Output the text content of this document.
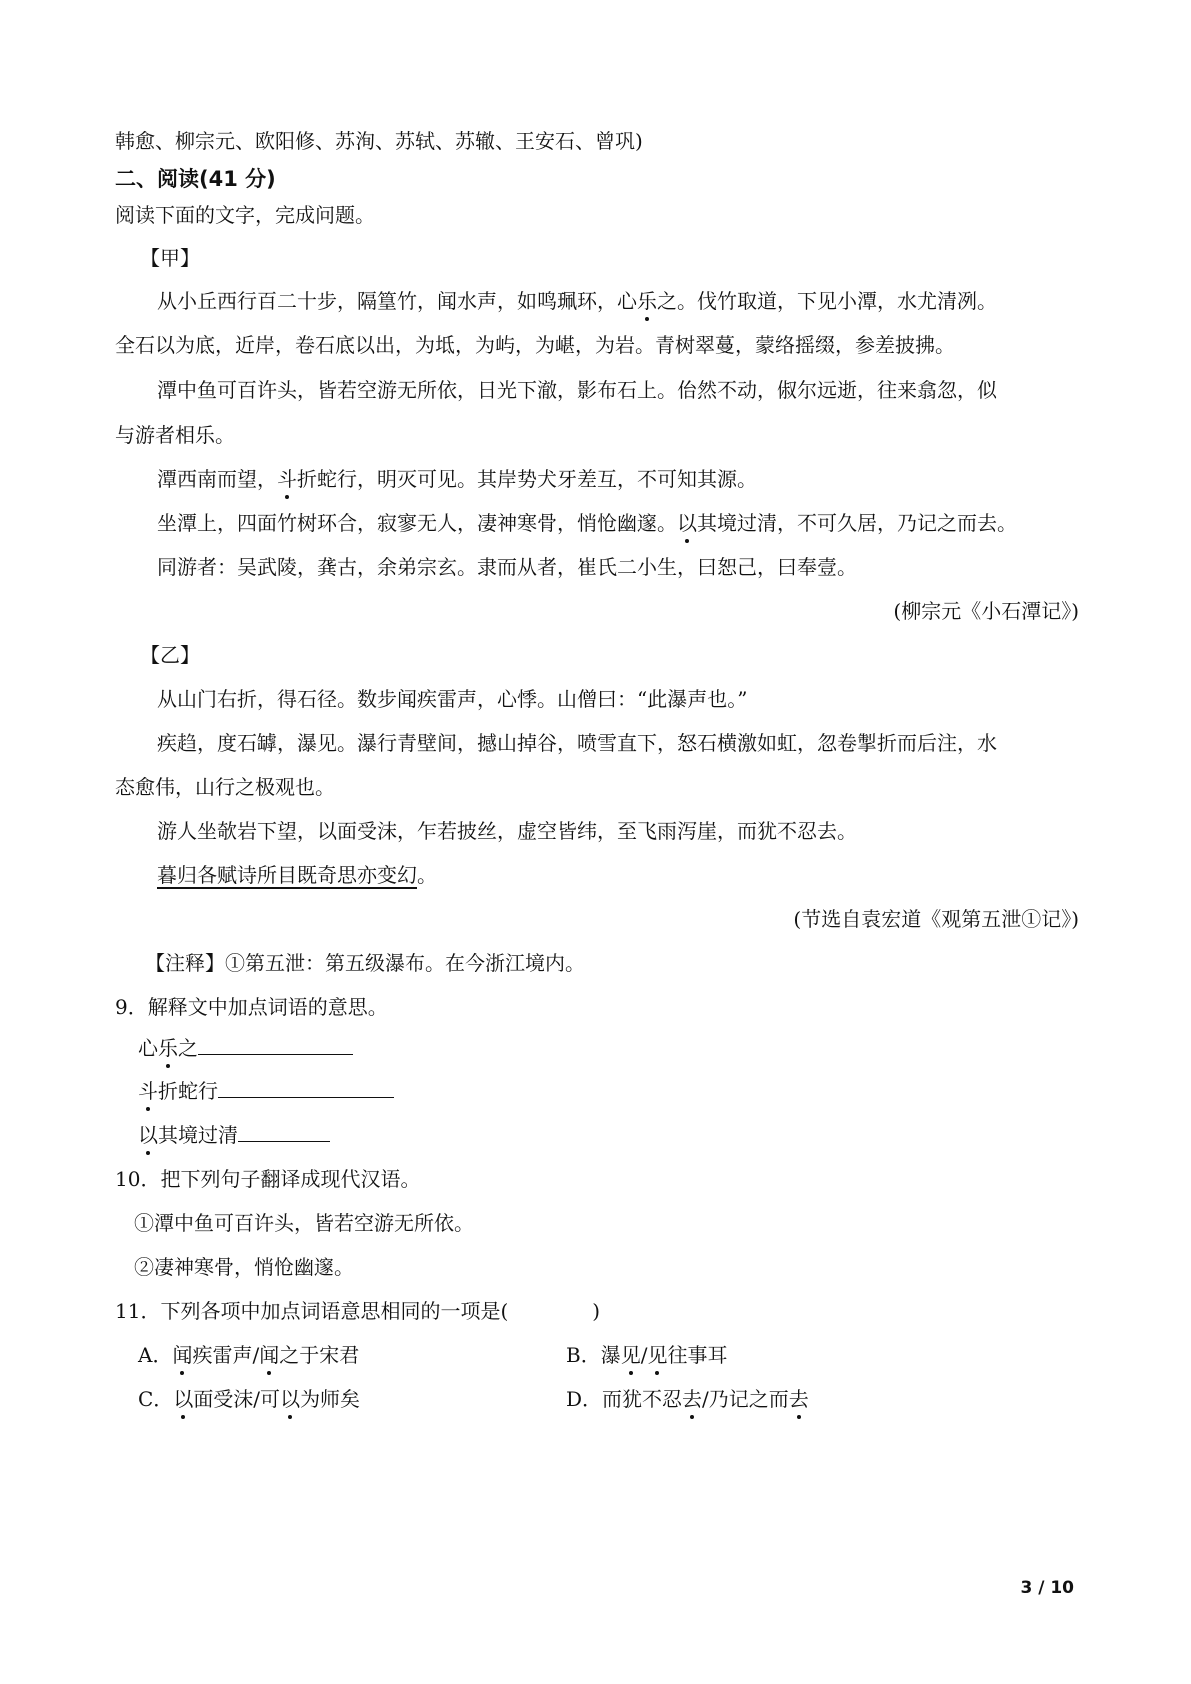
韩愈、柳宗元、欧阳修、苏洵、苏轼、苏辙、王安石、曾巩)
二、阅读(41 分)
阅读下面的文字，完成问题。
【甲】
从小丘西行百二十步，隔篁竹，闻水声，如鸣珮环，心乐之。伐竹取道，下见小潭，水尤清冽。
全石以为底，近岸，卷石底以出，为坻，为屿，为嵁，为岩。青树翠蔓，蒙络摇缀，参差披拂。
潭中鱼可百许头，皆若空游无所依，日光下澈，影布石上。佁然不动，俶尔远逝，往来翕忽，似
与游者相乐。
潭西南而望，斗折蛇行，明灭可见。其岸势犬牙差互，不可知其源。
坐潭上，四面竹树环合，寂寥无人，凄神寒骨，悄怆幽邃。以其境过清，不可久居，乃记之而去。
同游者：吴武陵，龚古，余弟宗玄。隶而从者，崔氏二小生，曰恕己，曰奉壹。
(柳宗元《小石潭记》)
【乙】
从山门右折，得石径。数步闻疾雷声，心悸。山僧曰：“此瀑声也。”
疾趋，度石罅，瀑见。瀑行青壁间，撼山掉谷，喷雪直下，怒石横激如虹，忽卷掣折而后注，水
态愈伟，山行之极观也。
游人坐欹岩下望，以面受沫，乍若披丝，虚空皆纬，至飞雨泻崖，而犹不忍去。
暮归各赋诗所目既奇思亦变幻。
(节选自袁宏道《观第五泄①记》)
【注释】①第五泄：第五级瀑布。在今浙江境内。
9．解释文中加点词语的意思。
心乐之
斗折蛇行
以其境过清
10．把下列句子翻译成现代汉语。
①潭中鱼可百许头，皆若空游无所依。
②凄神寒骨，悄怆幽邃。
11．下列各项中加点词语意思相同的一项是(	)
A．闻疾雷声/闻之于宋君	B．瀑见/见往事耳
C．以面受沫/可以为师矣	D．而犹不忍去/乃记之而去
3 / 10
